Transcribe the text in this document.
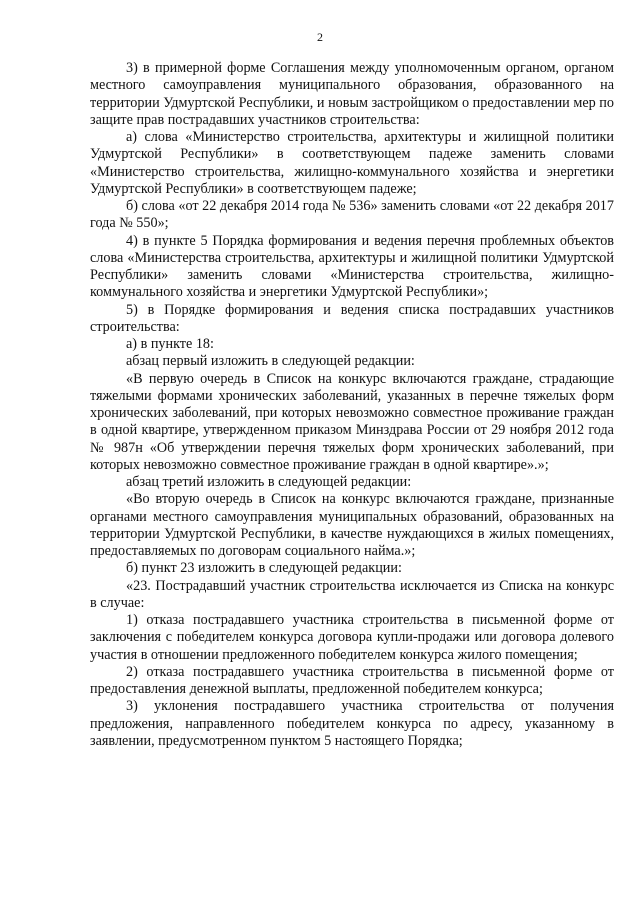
2

3) в примерной форме Соглашения между уполномоченным органом, органом местного самоуправления муниципального образования, образованного на территории Удмуртской Республики, и новым застройщиком о предоставлении мер по защите прав пострадавших участников строительства:

а) слова «Министерство строительства, архитектуры и жилищной политики Удмуртской Республики» в соответствующем падеже заменить словами «Министерство строительства, жилищно-коммунального хозяйства и энергетики Удмуртской Республики» в соответствующем падеже;

б) слова «от 22 декабря 2014 года № 536» заменить словами «от 22 декабря 2017 года № 550»;

4) в пункте 5 Порядка формирования и ведения перечня проблемных объектов слова «Министерства строительства, архитектуры и жилищной политики Удмуртской Республики» заменить словами «Министерства строительства, жилищно-коммунального хозяйства и энергетики Удмуртской Республики»;

5) в Порядке формирования и ведения списка пострадавших участников строительства:

а) в пункте 18:

абзац первый изложить в следующей редакции:

«В первую очередь в Список на конкурс включаются граждане, страдающие тяжелыми формами хронических заболеваний, указанных в перечне тяжелых форм хронических заболеваний, при которых невозможно совместное проживание граждан в одной квартире, утвержденном приказом Минздрава России от 29 ноября 2012 года № 987н «Об утверждении перечня тяжелых форм хронических заболеваний, при которых невозможно совместное проживание граждан в одной квартире».»;

абзац третий изложить в следующей редакции:

«Во вторую очередь в Список на конкурс включаются граждане, признанные органами местного самоуправления муниципальных образований, образованных на территории Удмуртской Республики, в качестве нуждающихся в жилых помещениях, предоставляемых по договорам социального найма.»;

б) пункт 23 изложить в следующей редакции:

«23. Пострадавший участник строительства исключается из Списка на конкурс в случае:

1) отказа пострадавшего участника строительства в письменной форме от заключения с победителем конкурса договора купли-продажи или договора долевого участия в отношении предложенного победителем конкурса жилого помещения;

2) отказа пострадавшего участника строительства в письменной форме от предоставления денежной выплаты, предложенной победителем конкурса;

3) уклонения пострадавшего участника строительства от получения предложения, направленного победителем конкурса по адресу, указанному в заявлении, предусмотренном пунктом 5 настоящего Порядка;
